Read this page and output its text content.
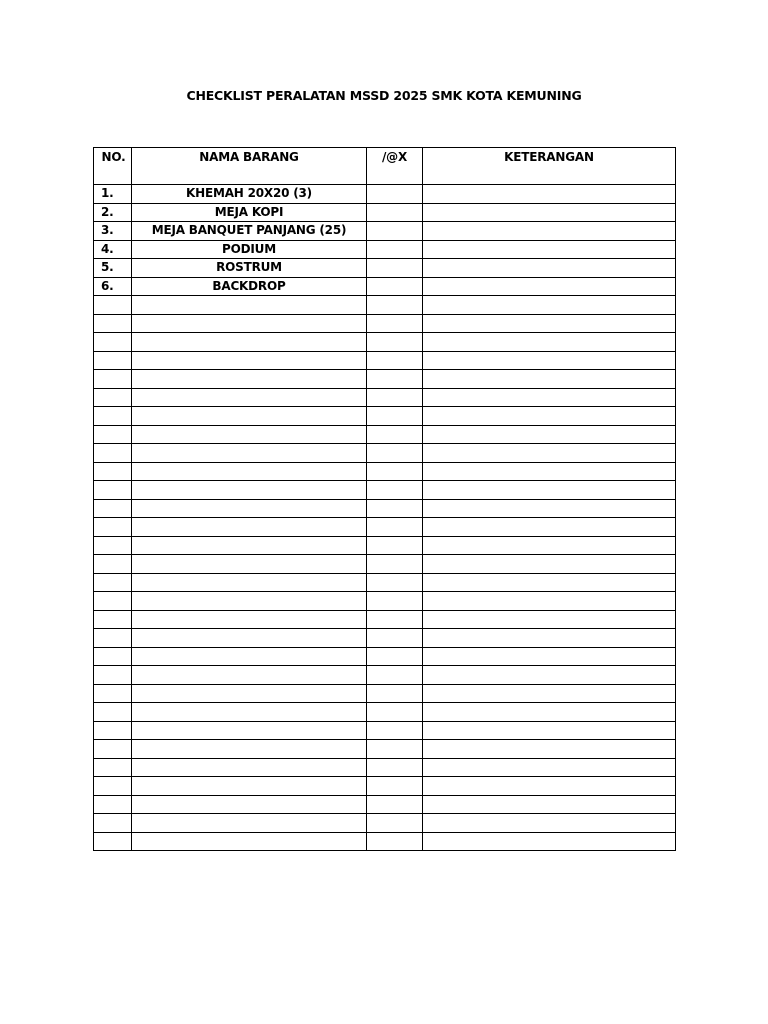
CHECKLIST PERALATAN MSSD 2025 SMK KOTA KEMUNING
NO.	NAMA BARANG	/@X	KETERANGAN
1.	KHEMAH 20X20 (3)		
2.	MEJA KOPI		
3.	MEJA BANQUET PANJANG (25)		
4.	PODIUM		
5.	ROSTRUM		
6.	BACKDROP		
